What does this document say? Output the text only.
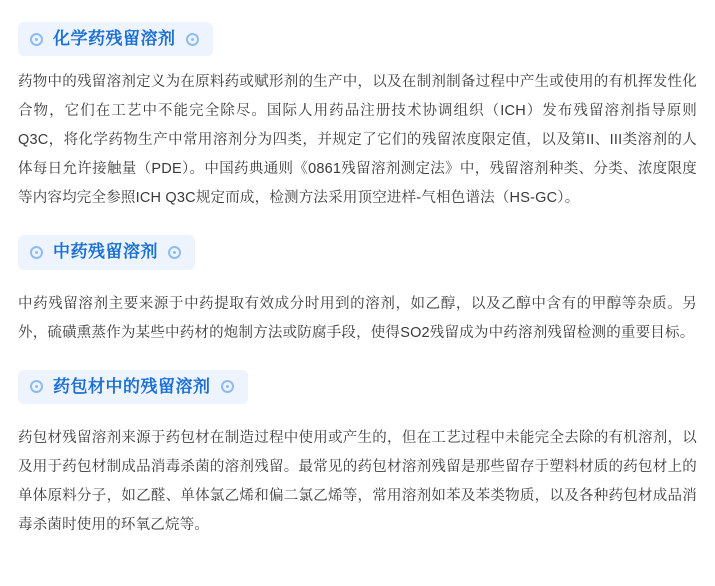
化学药残留溶剂

药物中的残留溶剂定义为在原料药或赋形剂的生产中，以及在制剂制备过程中产生或使用的有机挥发性化合物，它们在工艺中不能完全除尽。国际人用药品注册技术协调组织（ICH）发布残留溶剂指导原则Q3C，将化学药物生产中常用溶剂分为四类，并规定了它们的残留浓度限定值，以及第II、III类溶剂的人体每日允许接触量（PDE）。中国药典通则《0861残留溶剂测定法》中，残留溶剂种类、分类、浓度限度等内容均完全参照ICH Q3C规定而成，检测方法采用顶空进样-气相色谱法（HS-GC）。

中药残留溶剂

中药残留溶剂主要来源于中药提取有效成分时用到的溶剂，如乙醇，以及乙醇中含有的甲醇等杂质。另外，硫磺熏蒸作为某些中药材的炮制方法或防腐手段，使得SO2残留成为中药溶剂残留检测的重要目标。

药包材中的残留溶剂

药包材残留溶剂来源于药包材在制造过程中使用或产生的，但在工艺过程中未能完全去除的有机溶剂，以及用于药包材制成品消毒杀菌的溶剂残留。最常见的药包材溶剂残留是那些留存于塑料材质的药包材上的单体原料分子，如乙醛、单体氯乙烯和偏二氯乙烯等，常用溶剂如苯及苯类物质，以及各种药包材成品消毒杀菌时使用的环氧乙烷等。
